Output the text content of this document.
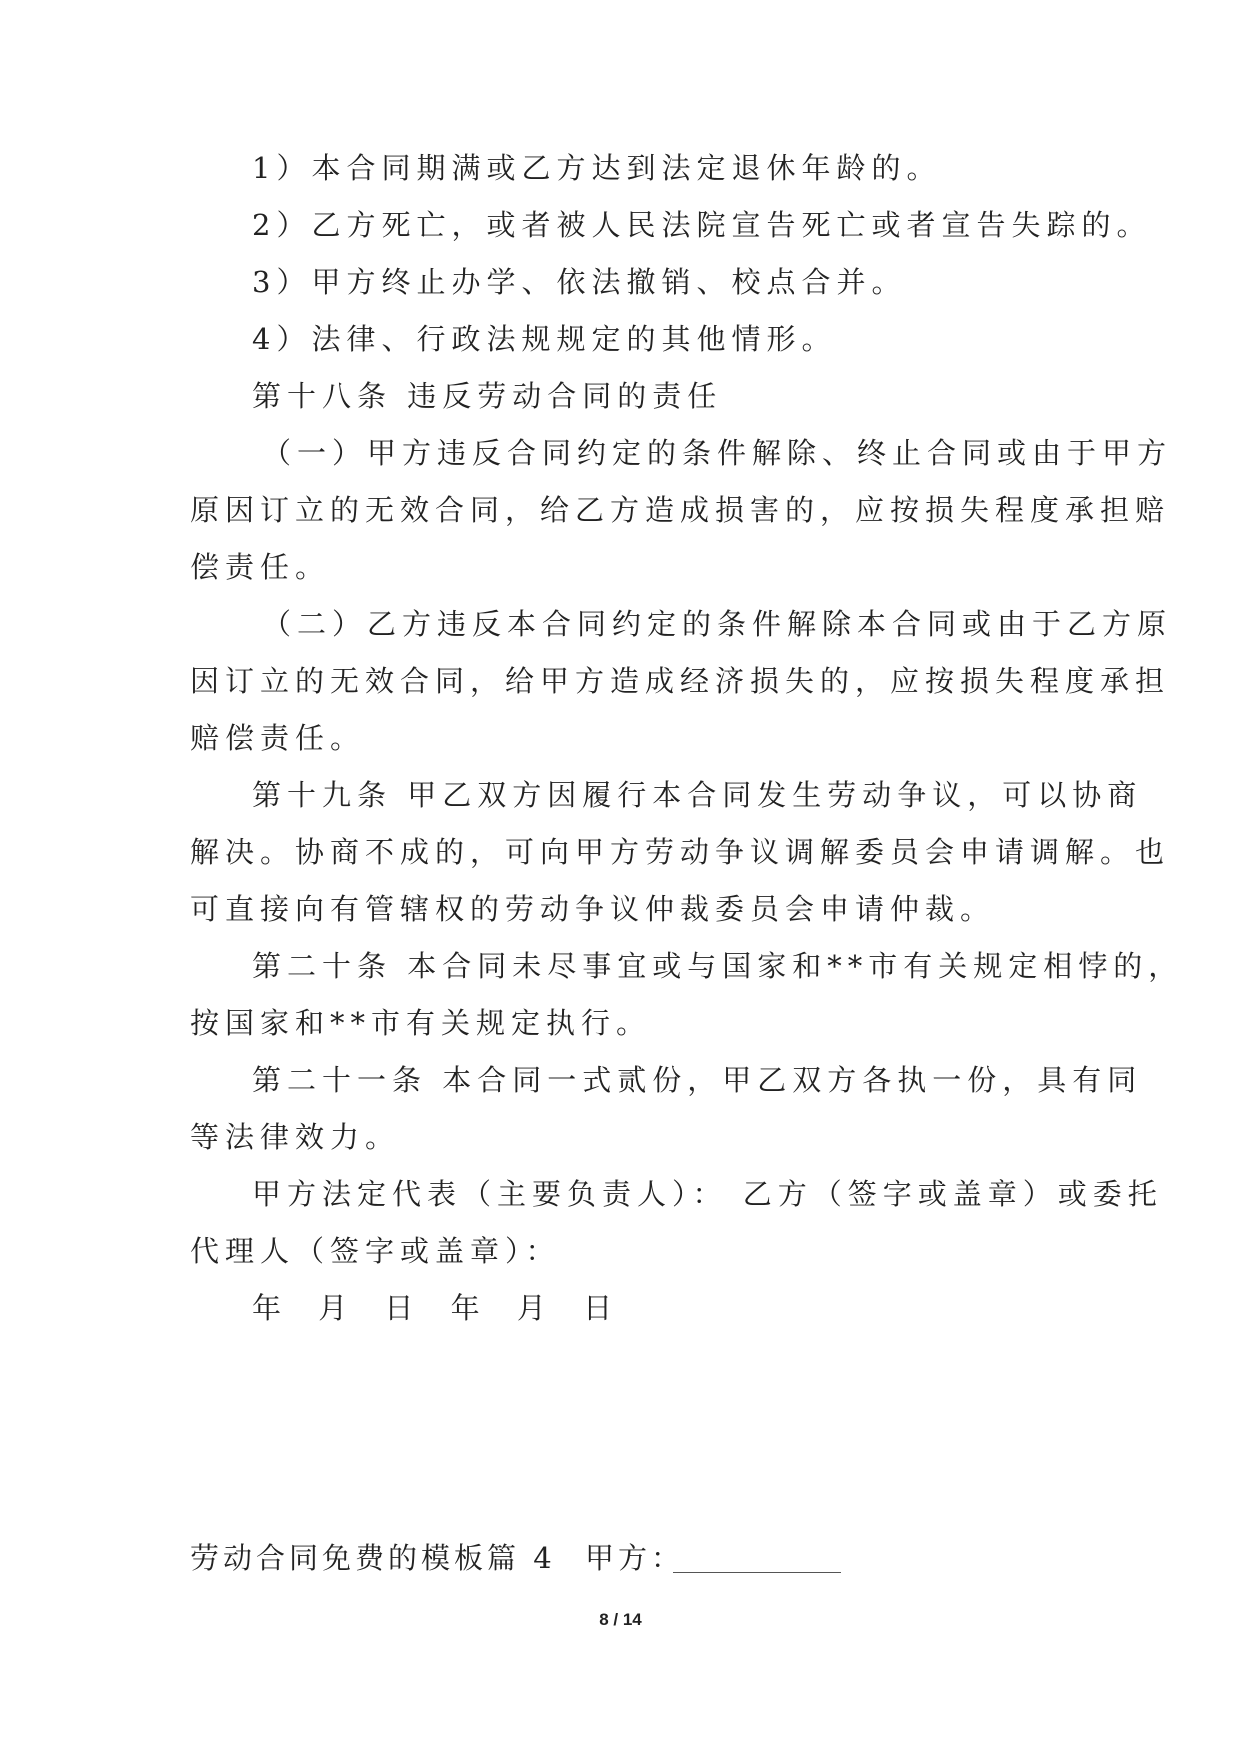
1）本合同期满或乙方达到法定退休年龄的。
2）乙方死亡，或者被人民法院宣告死亡或者宣告失踪的。
3）甲方终止办学、依法撤销、校点合并。
4）法律、行政法规规定的其他情形。
第十八条 违反劳动合同的责任
（一）甲方违反合同约定的条件解除、终止合同或由于甲方
原因订立的无效合同，给乙方造成损害的，应按损失程度承担赔
偿责任。
（二）乙方违反本合同约定的条件解除本合同或由于乙方原
因订立的无效合同，给甲方造成经济损失的，应按损失程度承担
赔偿责任。
第十九条 甲乙双方因履行本合同发生劳动争议，可以协商
解决。协商不成的，可向甲方劳动争议调解委员会申请调解。也
可直接向有管辖权的劳动争议仲裁委员会申请仲裁。
第二十条 本合同未尽事宜或与国家和**市有关规定相悖的，
按国家和**市有关规定执行。
第二十一条 本合同一式贰份，甲乙双方各执一份，具有同
等法律效力。
甲方法定代表（主要负责人）： 乙方（签字或盖章）或委托
代理人（签字或盖章）：
年 月 日 年 月 日
劳动合同免费的模板篇 4 甲方：
8 / 14
